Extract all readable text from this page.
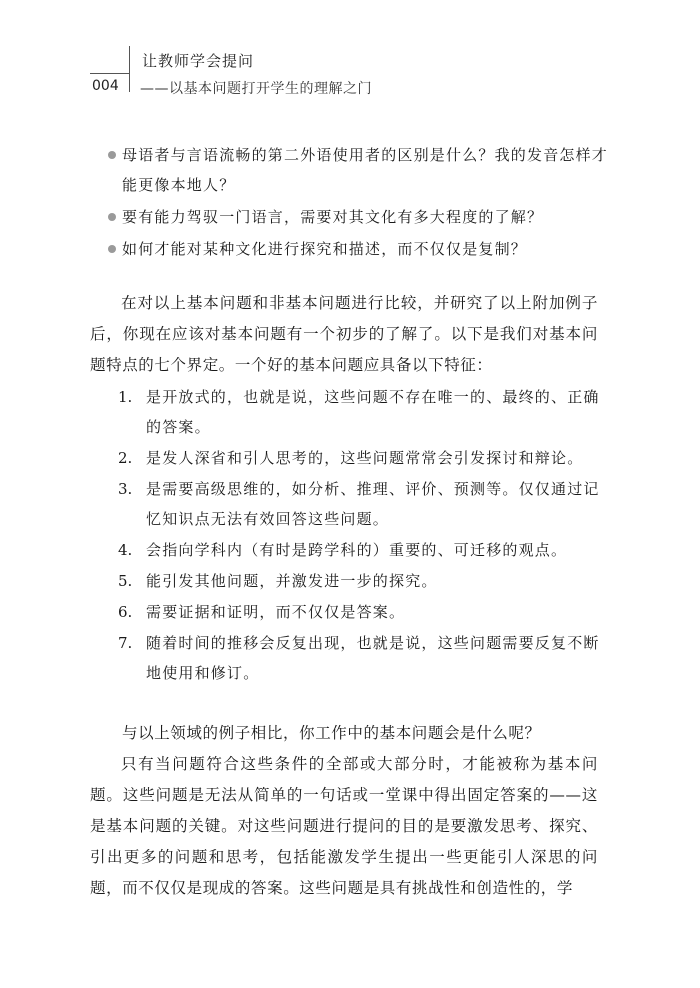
让教师学会提问
004 ——以基本问题打开学生的理解之门
母语者与言语流畅的第二外语使用者的区别是什么？我的发音怎样才能更像本地人？
要有能力驾驭一门语言，需要对其文化有多大程度的了解？
如何才能对某种文化进行探究和描述，而不仅仅是复制？

在对以上基本问题和非基本问题进行比较，并研究了以上附加例子后，你现在应该对基本问题有一个初步的了解了。以下是我们对基本问题特点的七个界定。一个好的基本问题应具备以下特征：

1. 是开放式的，也就是说，这些问题不存在唯一的、最终的、正确的答案。
2. 是发人深省和引人思考的，这些问题常常会引发探讨和辩论。
3. 是需要高级思维的，如分析、推理、评价、预测等。仅仅通过记忆知识点无法有效回答这些问题。
4. 会指向学科内（有时是跨学科的）重要的、可迁移的观点。
5. 能引发其他问题，并激发进一步的探究。
6. 需要证据和证明，而不仅仅是答案。
7. 随着时间的推移会反复出现，也就是说，这些问题需要反复不断地使用和修订。

与以上领域的例子相比，你工作中的基本问题会是什么呢？

只有当问题符合这些条件的全部或大部分时，才能被称为基本问题。这些问题是无法从简单的一句话或一堂课中得出固定答案的——这是基本问题的关键。对这些问题进行提问的目的是要激发思考、探究、引出更多的问题和思考，包括能激发学生提出一些更能引人深思的问题，而不仅仅是现成的答案。这些问题是具有挑战性和创造性的，学
